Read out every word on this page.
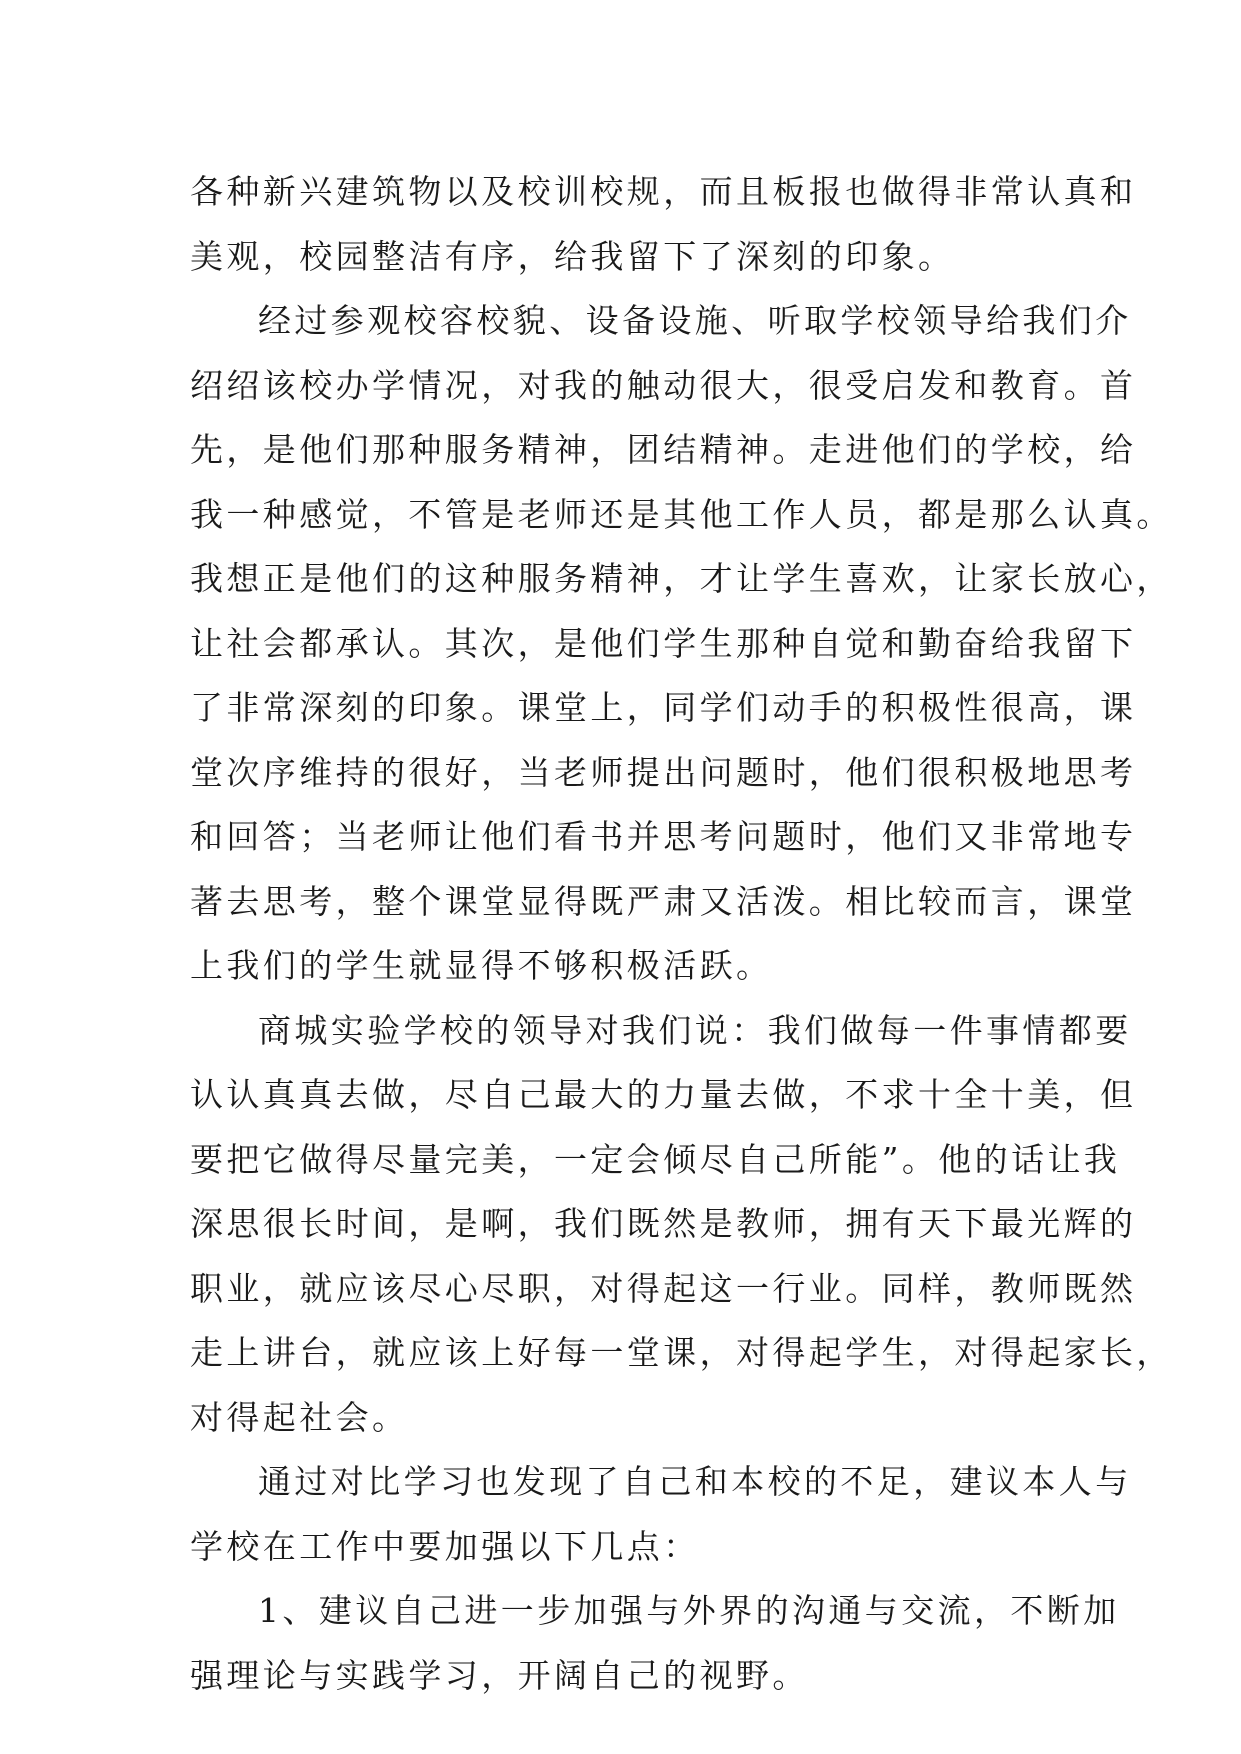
各种新兴建筑物以及校训校规，而且板报也做得非常认真和
美观，校园整洁有序，给我留下了深刻的印象。
经过参观校容校貌、设备设施、听取学校领导给我们介
绍绍该校办学情况，对我的触动很大，很受启发和教育。首
先，是他们那种服务精神，团结精神。走进他们的学校，给
我一种感觉，不管是老师还是其他工作人员，都是那么认真。
我想正是他们的这种服务精神，才让学生喜欢，让家长放心，
让社会都承认。其次，是他们学生那种自觉和勤奋给我留下
了非常深刻的印象。课堂上，同学们动手的积极性很高，课
堂次序维持的很好，当老师提出问题时，他们很积极地思考
和回答；当老师让他们看书并思考问题时，他们又非常地专
著去思考，整个课堂显得既严肃又活泼。相比较而言，课堂
上我们的学生就显得不够积极活跃。
商城实验学校的领导对我们说：我们做每一件事情都要
认认真真去做，尽自己最大的力量去做，不求十全十美，但
要把它做得尽量完美，一定会倾尽自己所能”。他的话让我
深思很长时间，是啊，我们既然是教师，拥有天下最光辉的
职业，就应该尽心尽职，对得起这一行业。同样，教师既然
走上讲台，就应该上好每一堂课，对得起学生，对得起家长，
对得起社会。
通过对比学习也发现了自己和本校的不足，建议本人与
学校在工作中要加强以下几点：
1、建议自己进一步加强与外界的沟通与交流，不断加
强理论与实践学习，开阔自己的视野。
